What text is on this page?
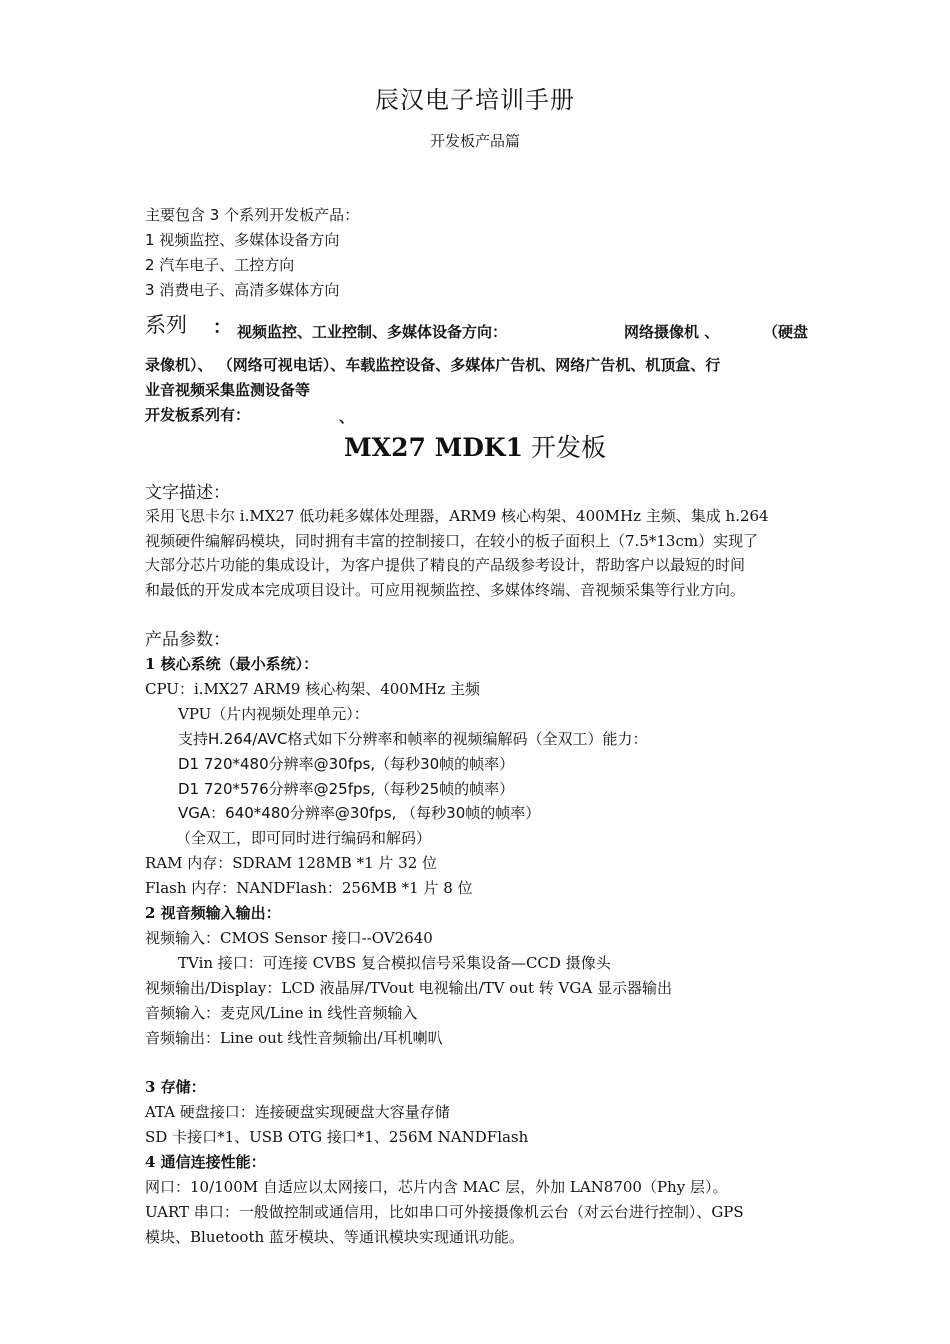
辰汉电子培训手册
开发板产品篇
主要包含 3 个系列开发板产品：
1 视频监控、多媒体设备方向
2 汽车电子、工控方向
3 消费电子、高清多媒体方向
系列 ： 视频监控、工业控制、多媒体设备方向：	网络摄像机 、	（硬盘
录像机）、 （网络可视电话）、车载监控设备、多媒体广告机、网络广告机、机顶盒、行
业音视频采集监测设备等
开发板系列有：	、
MX27 MDK1 开发板
文字描述：
采用飞思卡尔 i.MX27 低功耗多媒体处理器，ARM9 核心构架、400MHz 主频、集成 h.264
视频硬件编解码模块，同时拥有丰富的控制接口，在较小的板子面积上（7.5*13cm）实现了
大部分芯片功能的集成设计，为客户提供了精良的产品级参考设计，帮助客户以最短的时间
和最低的开发成本完成项目设计。可应用视频监控、多媒体终端、音视频采集等行业方向。
产品参数：
1 核心系统（最小系统）：
CPU：i.MX27 ARM9 核心构架、400MHz 主频
VPU（片内视频处理单元）：
支持H.264/AVC格式如下分辨率和帧率的视频编解码（全双工）能力：
D1 720*480分辨率@30fps,（每秒30帧的帧率）
D1 720*576分辨率@25fps,（每秒25帧的帧率）
VGA：640*480分辨率@30fps, （每秒30帧的帧率）
（全双工，即可同时进行编码和解码）
RAM 内存：SDRAM 128MB *1 片 32 位
Flash 内存：NANDFlash：256MB *1 片 8 位
2 视音频输入输出：
视频输入：CMOS Sensor 接口--OV2640
TVin 接口：可连接 CVBS 复合模拟信号采集设备—CCD 摄像头
视频输出/Display：LCD 液晶屏/TVout 电视输出/TV out 转 VGA 显示器输出
音频输入：麦克风/Line in 线性音频输入
音频输出：Line out 线性音频输出/耳机喇叭
3 存储：
ATA 硬盘接口：连接硬盘实现硬盘大容量存储
SD 卡接口*1、USB OTG 接口*1、256M NANDFlash
4 通信连接性能：
网口：10/100M 自适应以太网接口，芯片内含 MAC 层，外加 LAN8700（Phy 层）。
UART 串口：一般做控制或通信用，比如串口可外接摄像机云台（对云台进行控制）、GPS
模块、Bluetooth 蓝牙模块、等通讯模块实现通讯功能。
